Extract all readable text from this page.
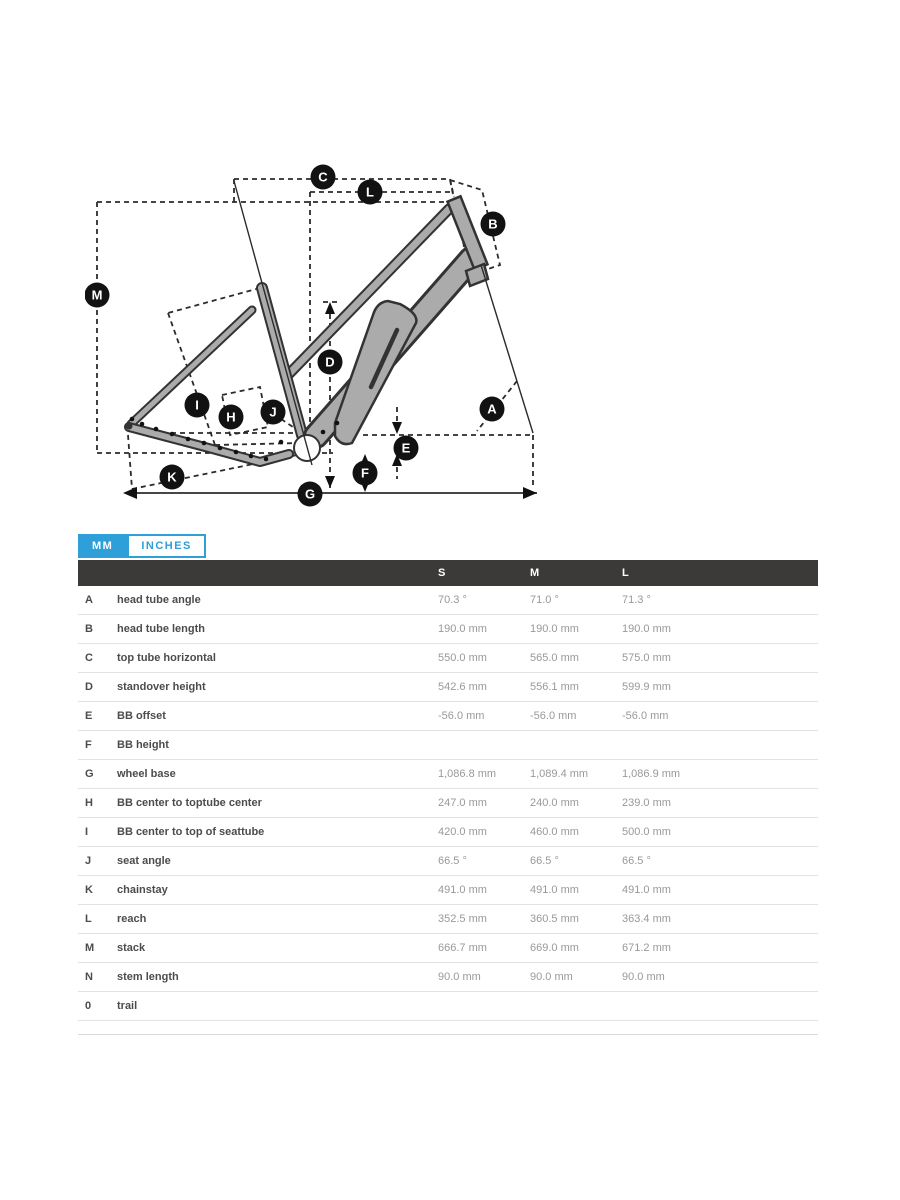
A
B
C
D
E
F
G
H
I	J
K
L
M
MM	INCHES
		S	M	L
A	head tube angle	70.3 °	71.0 °	71.3 °
B	head tube length	190.0 mm	190.0 mm	190.0 mm
C	top tube horizontal	550.0 mm	565.0 mm	575.0 mm
D	standover height	542.6 mm	556.1 mm	599.9 mm
E	BB offset	-56.0 mm	-56.0 mm	-56.0 mm
F	BB height			
G	wheel base	1,086.8 mm	1,089.4 mm	1,086.9 mm
H	BB center to toptube center	247.0 mm	240.0 mm	239.0 mm
I	BB center to top of seattube	420.0 mm	460.0 mm	500.0 mm
J	seat angle	66.5 °	66.5 °	66.5 °
K	chainstay	491.0 mm	491.0 mm	491.0 mm
L	reach	352.5 mm	360.5 mm	363.4 mm
M	stack	666.7 mm	669.0 mm	671.2 mm
N	stem length	90.0 mm	90.0 mm	90.0 mm
0	trail			
